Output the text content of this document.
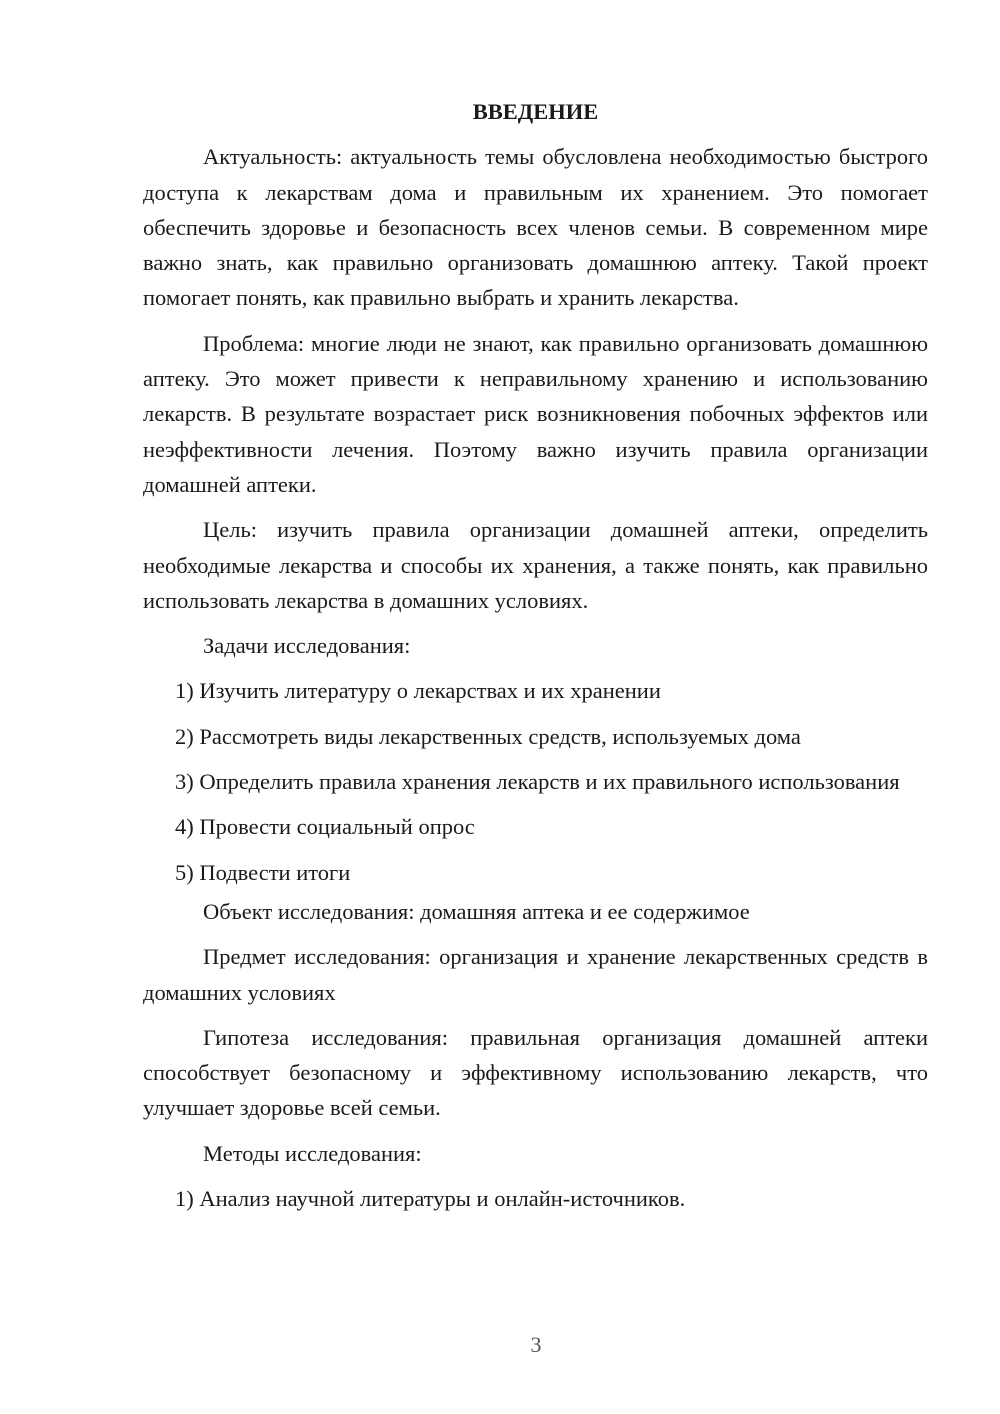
ВВЕДЕНИЕ

Актуальность: актуальность темы обусловлена необходимостью быстрого доступа к лекарствам дома и правильным их хранением. Это помогает обеспечить здоровье и безопасность всех членов семьи. В современном мире важно знать, как правильно организовать домашнюю аптеку. Такой проект помогает понять, как правильно выбрать и хранить лекарства.

Проблема: многие люди не знают, как правильно организовать домашнюю аптеку. Это может привести к неправильному хранению и использованию лекарств. В результате возрастает риск возникновения побочных эффектов или неэффективности лечения. Поэтому важно изучить правила организации домашней аптеки.

Цель: изучить правила организации домашней аптеки, определить необходимые лекарства и способы их хранения, а также понять, как правильно использовать лекарства в домашних условиях.

Задачи исследования:

1) Изучить литературу о лекарствах и их хранении

2) Рассмотреть виды лекарственных средств, используемых дома

3) Определить правила хранения лекарств и их правильного использования

4) Провести социальный опрос

5) Подвести итоги

Объект исследования: домашняя аптека и ее содержимое

Предмет исследования: организация и хранение лекарственных средств в домашних условиях

Гипотеза исследования: правильная организация домашней аптеки способствует безопасному и эффективному использованию лекарств, что улучшает здоровье всей семьи.

Методы исследования:

1) Анализ научной литературы и онлайн-источников.

3
